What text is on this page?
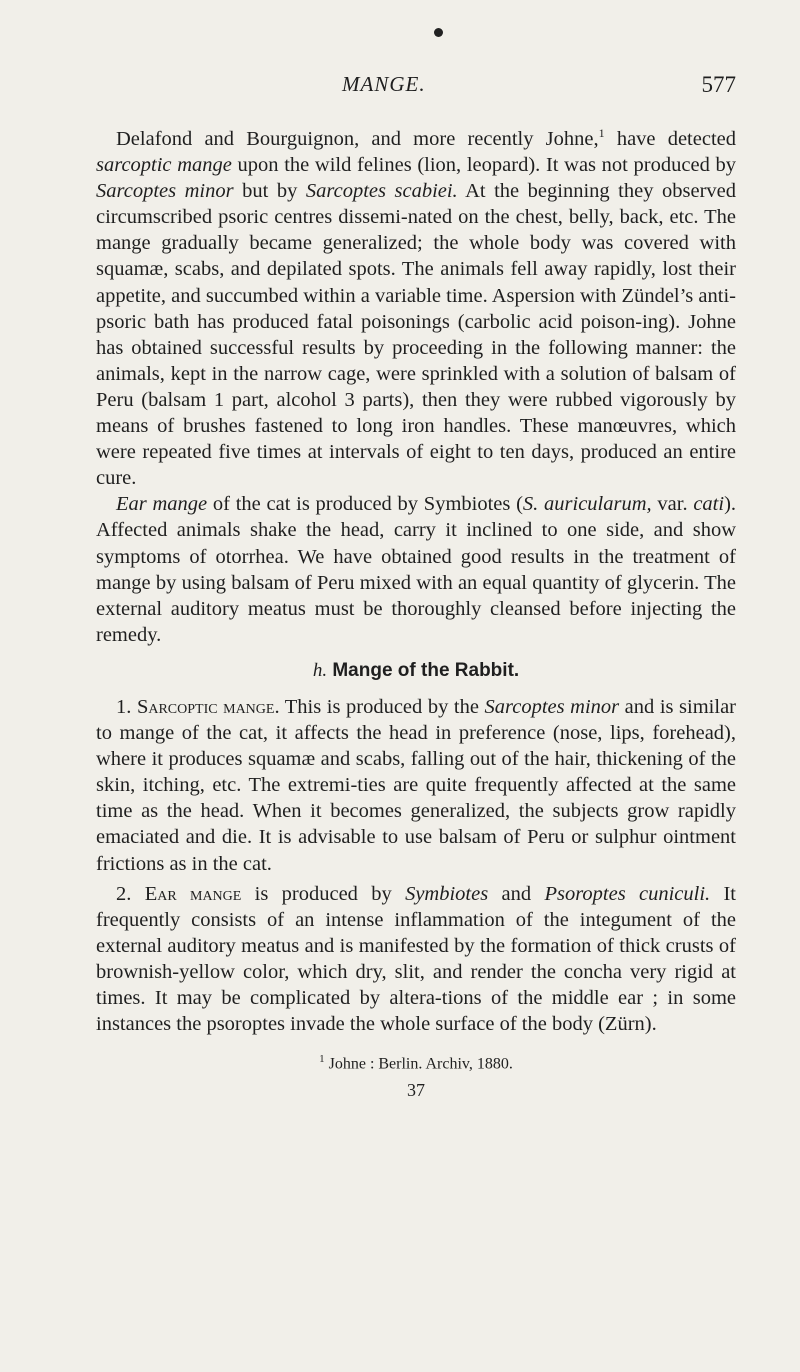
MANGE.	577

Delafond and Bourguignon, and more recently Johne,$^1$ have detected sarcoptic mange upon the wild felines (lion, leopard). It was not produced by Sarcoptes minor but by Sarcoptes scabiei. At the beginning they observed circumscribed psoric centres dissemi-nated on the chest, belly, back, etc. The mange gradually became generalized; the whole body was covered with squamæ, scabs, and depilated spots. The animals fell away rapidly, lost their appetite, and succumbed within a variable time. Aspersion with Zündel’s anti-psoric bath has produced fatal poisonings (carbolic acid poison-ing). Johne has obtained successful results by proceeding in the following manner: the animals, kept in the narrow cage, were sprinkled with a solution of balsam of Peru (balsam 1 part, alcohol 3 parts), then they were rubbed vigorously by means of brushes fastened to long iron handles. These manœuvres, which were repeated five times at intervals of eight to ten days, produced an entire cure.

Ear mange of the cat is produced by Symbiotes (S. auricularum, var. cati). Affected animals shake the head, carry it inclined to one side, and show symptoms of otorrhea. We have obtained good results in the treatment of mange by using balsam of Peru mixed with an equal quantity of glycerin. The external auditory meatus must be thoroughly cleansed before injecting the remedy.

h. Mange of the Rabbit.

1. Sarcoptic mange. This is produced by the Sarcoptes minor and is similar to mange of the cat, it affects the head in preference (nose, lips, forehead), where it produces squamæ and scabs, falling out of the hair, thickening of the skin, itching, etc. The extremi-ties are quite frequently affected at the same time as the head. When it becomes generalized, the subjects grow rapidly emaciated and die. It is advisable to use balsam of Peru or sulphur ointment frictions as in the cat.

2. Ear mange is produced by Symbiotes and Psoroptes cuniculi. It frequently consists of an intense inflammation of the integument of the external auditory meatus and is manifested by the formation of thick crusts of brownish-yellow color, which dry, slit, and render the concha very rigid at times. It may be complicated by altera-tions of the middle ear ; in some instances the psoroptes invade the whole surface of the body (Zürn).

$^1$ Johne : Berlin. Archiv, 1880.
37
